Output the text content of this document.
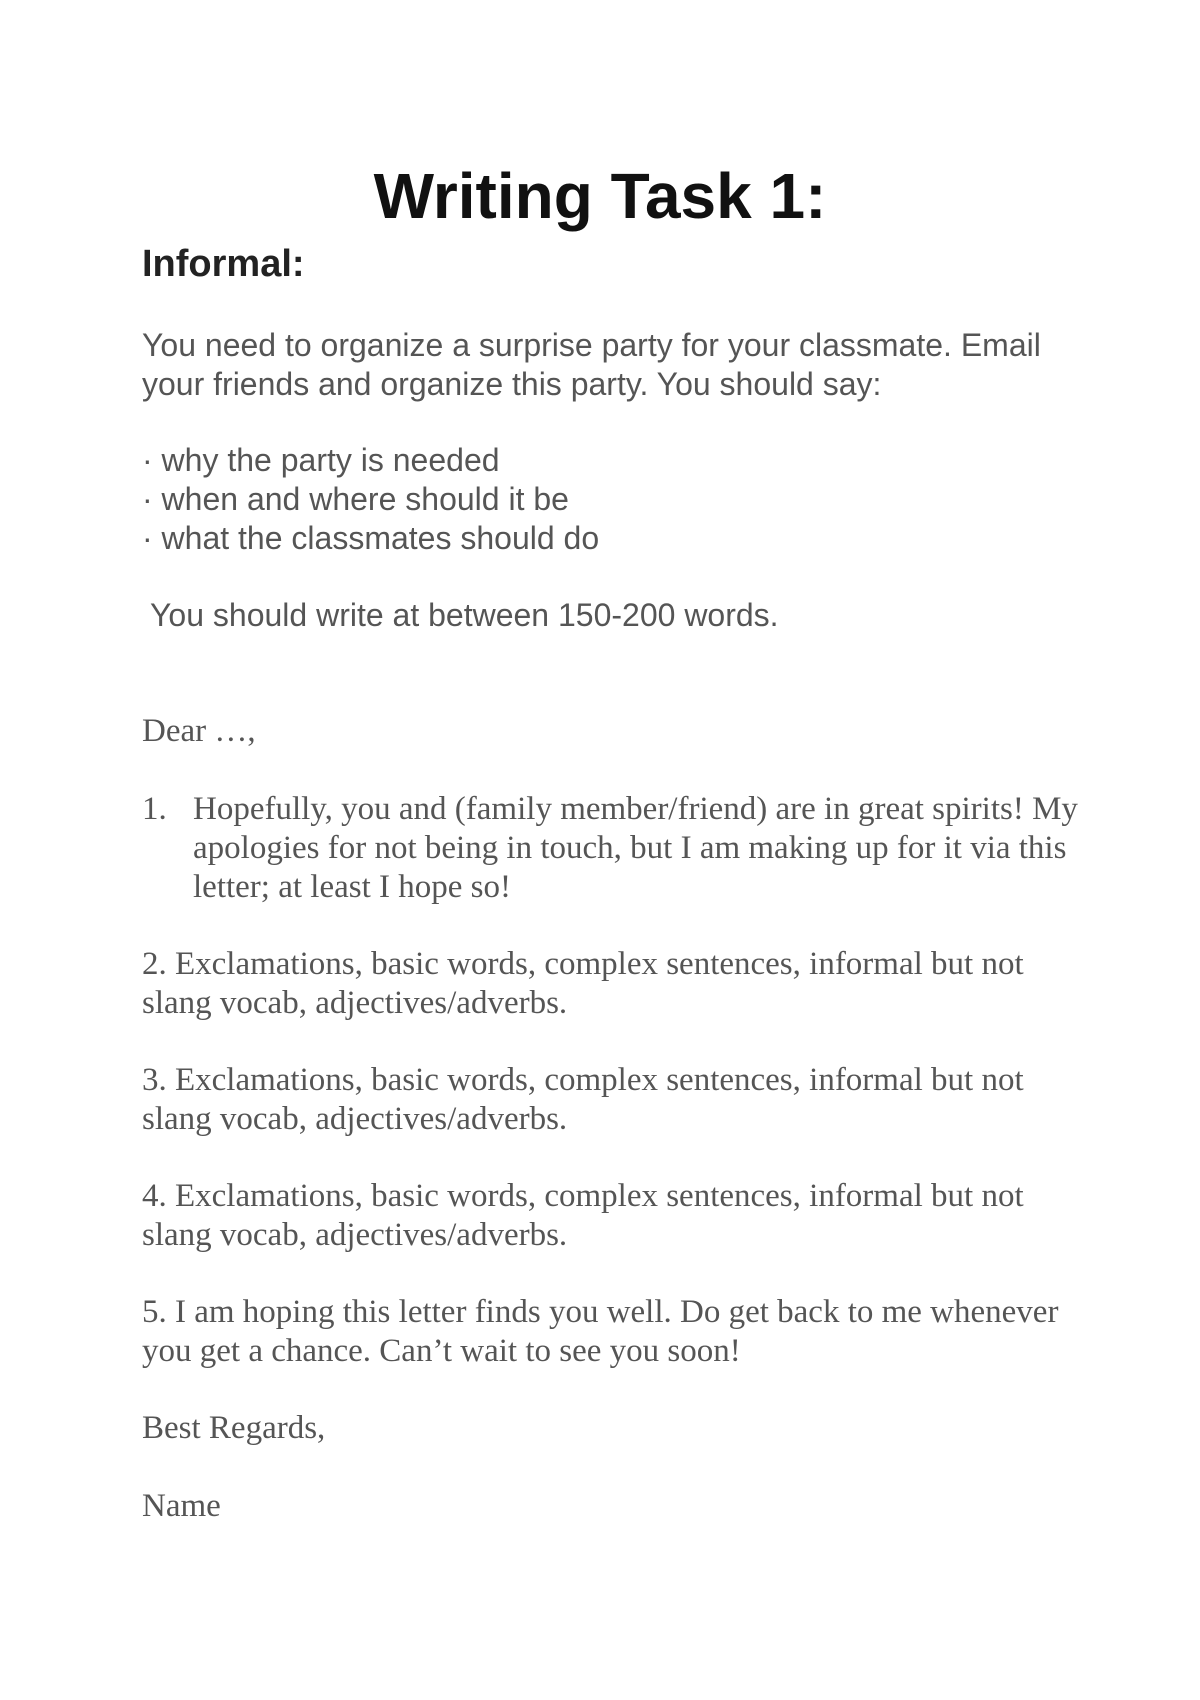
Writing Task 1:
Informal:

You need to organize a surprise party for your classmate. Email your friends and organize this party. You should say:

· why the party is needed
· when and where should it be
· what the classmates should do

You should write at between 150-200 words.

Dear …,

1. Hopefully, you and (family member/friend) are in great spirits! My apologies for not being in touch, but I am making up for it via this letter; at least I hope so!

2. Exclamations, basic words, complex sentences, informal but not slang vocab, adjectives/adverbs.

3. Exclamations, basic words, complex sentences, informal but not slang vocab, adjectives/adverbs.

4. Exclamations, basic words, complex sentences, informal but not slang vocab, adjectives/adverbs.

5. I am hoping this letter finds you well. Do get back to me whenever you get a chance. Can’t wait to see you soon!

Best Regards,

Name
